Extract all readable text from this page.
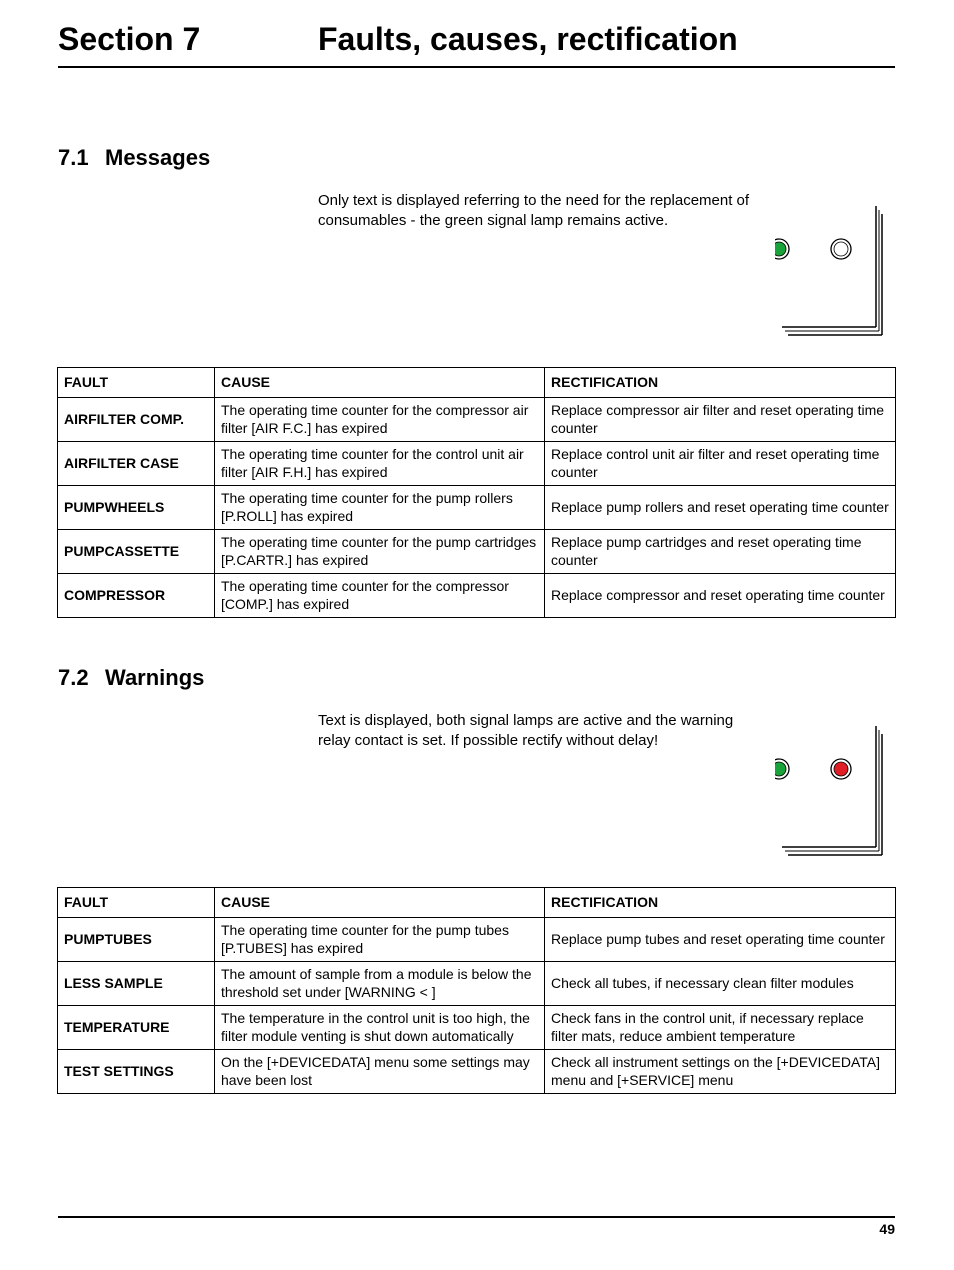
Section 7	Faults, causes, rectification
7.1 Messages
Only text is displayed referring to the need for the replacement of consumables - the green signal lamp remains active.
FAULT	CAUSE	RECTIFICATION
AIRFILTER COMP.	The operating time counter for the compressor air filter [AIR F.C.] has expired	Replace compressor air filter and reset operating time counter
AIRFILTER CASE	The operating time counter for the control unit air filter [AIR F.H.] has expired	Replace control unit air filter and reset operating time counter
PUMPWHEELS	The operating time counter for the pump rollers [P.ROLL] has expired	Replace pump rollers and reset operating time counter
PUMPCASSETTE	The operating time counter for the pump cartridges [P.CARTR.] has expired	Replace pump cartridges and reset operating time counter
COMPRESSOR	The operating time counter for the compressor [COMP.] has expired	Replace compressor and reset operating time counter
7.2 Warnings
Text is displayed, both signal lamps are active and the warning relay contact is set. If possible rectify without delay!
FAULT	CAUSE	RECTIFICATION
PUMPTUBES	The operating time counter for the pump tubes [P.TUBES] has expired	Replace pump tubes and reset operating time counter
LESS SAMPLE	The amount of sample from a module is below the threshold set under [WARNING < ]	Check all tubes, if necessary clean filter modules
TEMPERATURE	The temperature in the control unit is too high, the filter module venting is shut down automatically	Check fans in the control unit, if necessary replace filter mats, reduce ambient temperature
TEST SETTINGS	On the [+DEVICEDATA] menu some settings may have been lost	Check all instrument settings on the [+DEVICEDATA] menu and [+SERVICE] menu
49
